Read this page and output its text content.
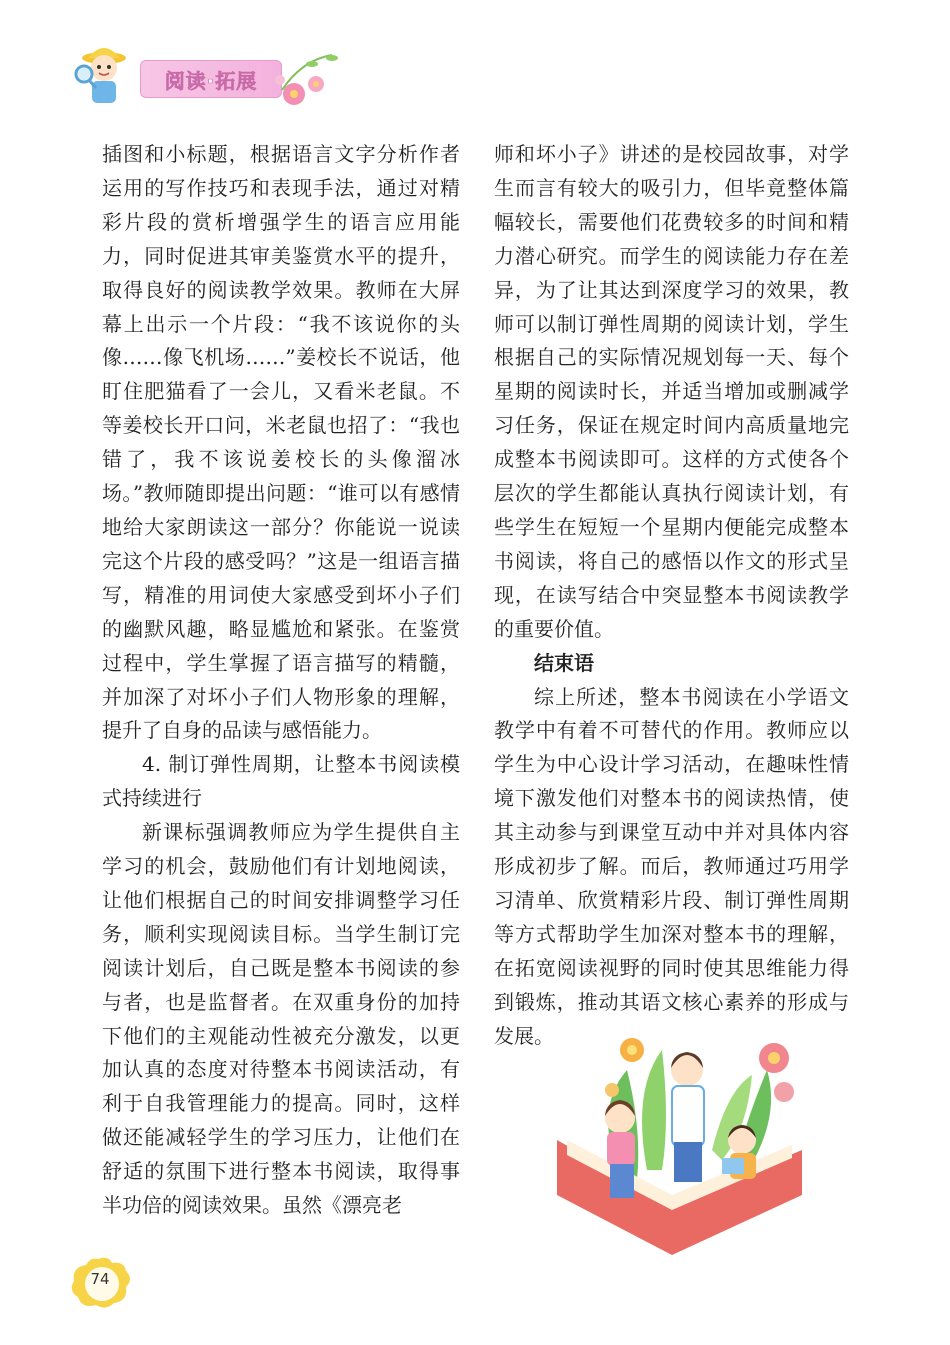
阅读·拓展

插图和小标题，根据语言文字分析作者运用的写作技巧和表现手法，通过对精彩片段的赏析增强学生的语言应用能力，同时促进其审美鉴赏水平的提升，取得良好的阅读教学效果。教师在大屏幕上出示一个片段：“我不该说你的头像……像飞机场……”姜校长不说话，他盯住肥猫看了一会儿，又看米老鼠。不等姜校长开口问，米老鼠也招了：“我也错了，我不该说姜校长的头像溜冰场。”教师随即提出问题：“谁可以有感情地给大家朗读这一部分？你能说一说读完这个片段的感受吗？”这是一组语言描写，精准的用词使大家感受到坏小子们的幽默风趣，略显尴尬和紧张。在鉴赏过程中，学生掌握了语言描写的精髓，并加深了对坏小子们人物形象的理解，提升了自身的品读与感悟能力。

4. 制订弹性周期，让整本书阅读模式持续进行

新课标强调教师应为学生提供自主学习的机会，鼓励他们有计划地阅读，让他们根据自己的时间安排调整学习任务，顺利实现阅读目标。当学生制订完阅读计划后，自己既是整本书阅读的参与者，也是监督者。在双重身份的加持下他们的主观能动性被充分激发，以更加认真的态度对待整本书阅读活动，有利于自我管理能力的提高。同时，这样做还能减轻学生的学习压力，让他们在舒适的氛围下进行整本书阅读，取得事半功倍的阅读效果。虽然《漂亮老

师和坏小子》讲述的是校园故事，对学生而言有较大的吸引力，但毕竟整体篇幅较长，需要他们花费较多的时间和精力潜心研究。而学生的阅读能力存在差异，为了让其达到深度学习的效果，教师可以制订弹性周期的阅读计划，学生根据自己的实际情况规划每一天、每个星期的阅读时长，并适当增加或删减学习任务，保证在规定时间内高质量地完成整本书阅读即可。这样的方式使各个层次的学生都能认真执行阅读计划，有些学生在短短一个星期内便能完成整本书阅读，将自己的感悟以作文的形式呈现，在读写结合中突显整本书阅读教学的重要价值。

结束语

综上所述，整本书阅读在小学语文教学中有着不可替代的作用。教师应以学生为中心设计学习活动，在趣味性情境下激发他们对整本书的阅读热情，使其主动参与到课堂互动中并对具体内容形成初步了解。而后，教师通过巧用学习清单、欣赏精彩片段、制订弹性周期等方式帮助学生加深对整本书的理解，在拓宽阅读视野的同时使其思维能力得到锻炼，推动其语文核心素养的形成与发展。

74
